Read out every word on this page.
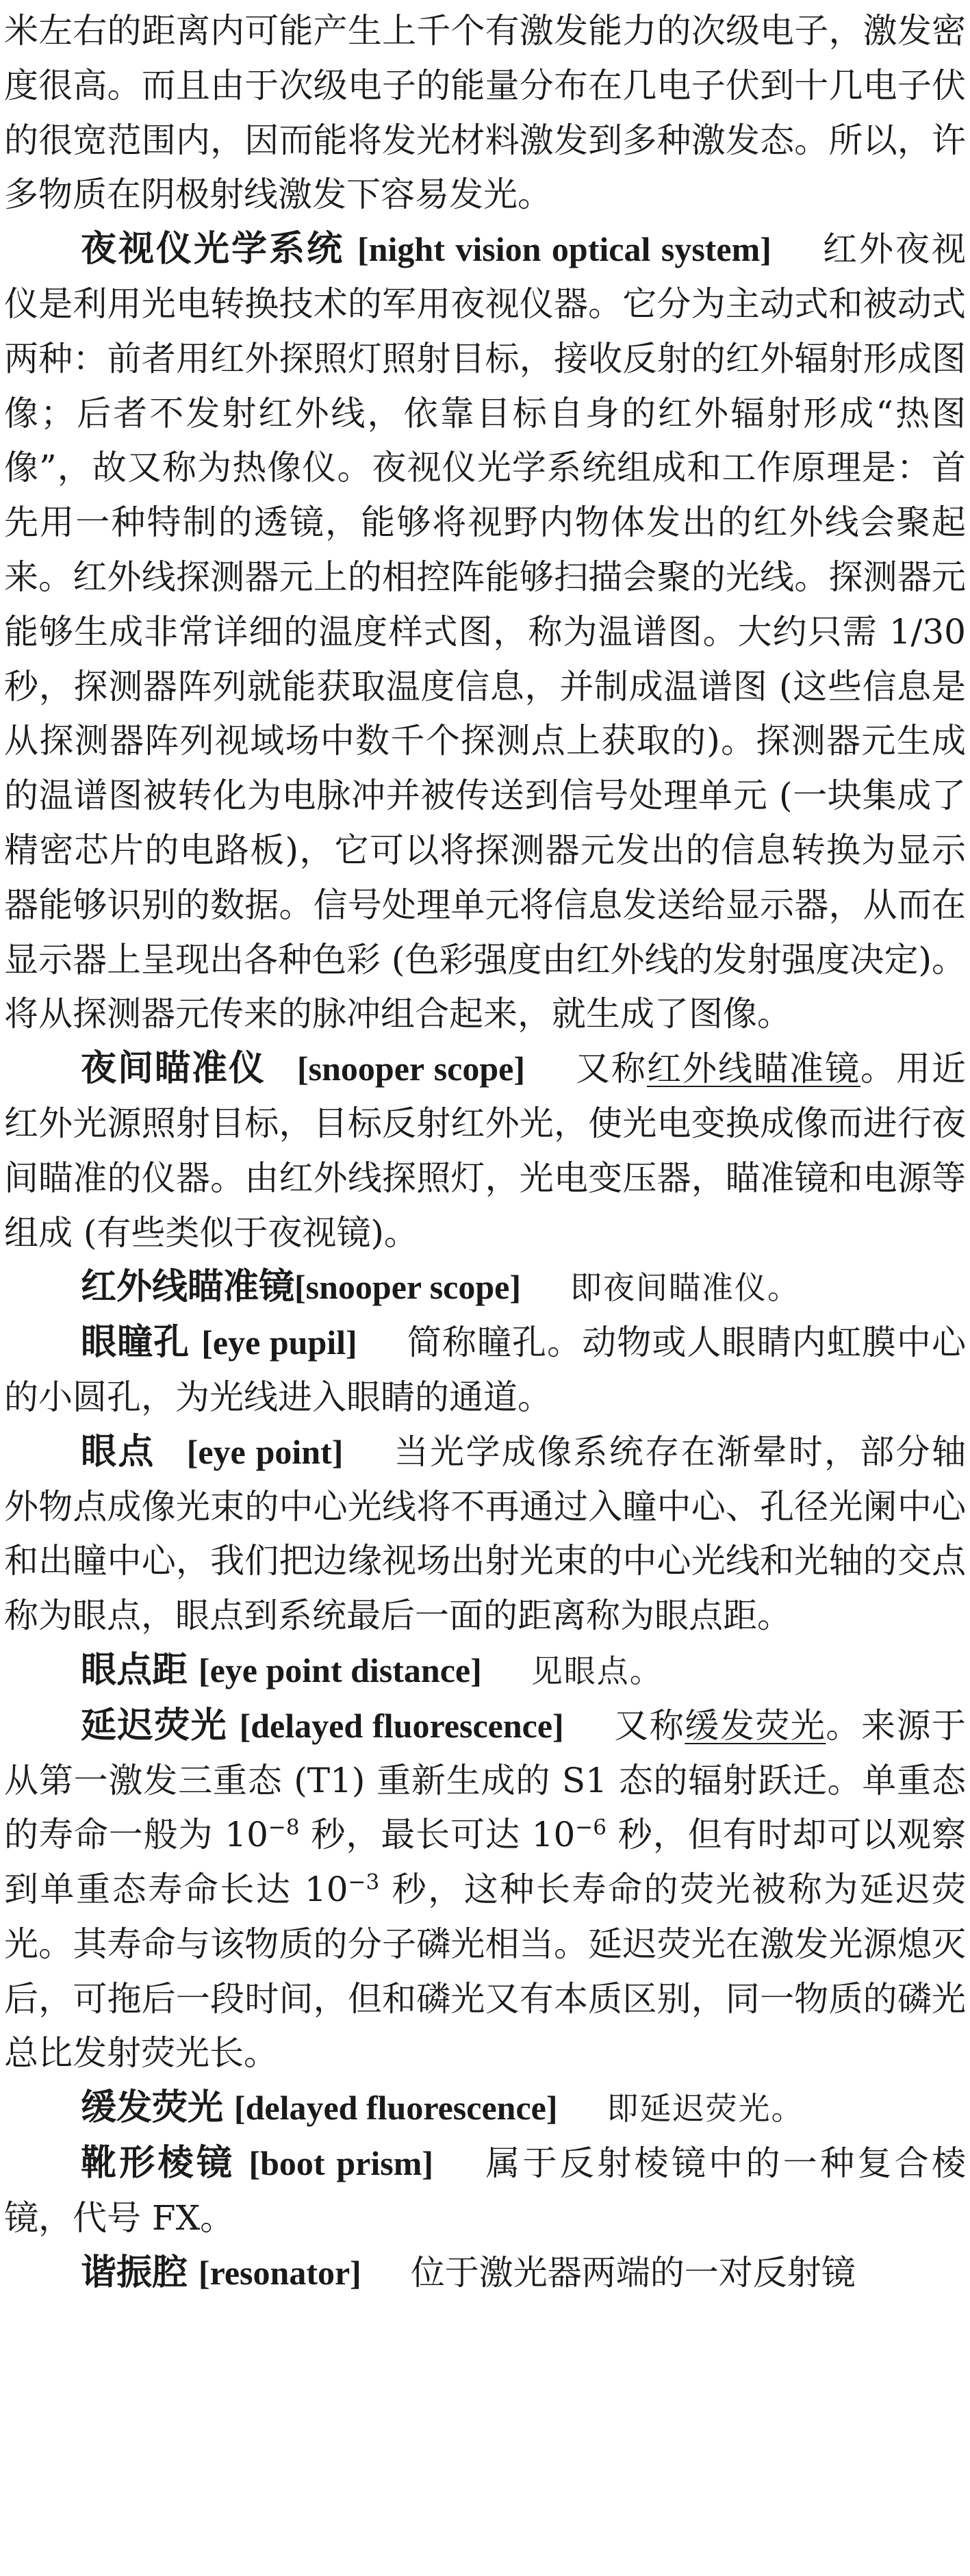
米左右的距离内可能产生上千个有激发能力的次级电子，激发密度很高。而且由于次级电子的能量分布在几电子伏到十几电子伏的很宽范围内，因而能将发光材料激发到多种激发态。所以，许多物质在阴极射线激发下容易发光。

夜视仪光学系统 [night vision optical system] 红外夜视仪是利用光电转换技术的军用夜视仪器。它分为主动式和被动式两种：前者用红外探照灯照射目标，接收反射的红外辐射形成图像；后者不发射红外线，依靠目标自身的红外辐射形成“热图像”，故又称为热像仪。夜视仪光学系统组成和工作原理是：首先用一种特制的透镜，能够将视野内物体发出的红外线会聚起来。红外线探测器元上的相控阵能够扫描会聚的光线。探测器元能够生成非常详细的温度样式图，称为温谱图。大约只需 1/30 秒，探测器阵列就能获取温度信息，并制成温谱图 (这些信息是从探测器阵列视域场中数千个探测点上获取的)。探测器元生成的温谱图被转化为电脉冲并被传送到信号处理单元 (一块集成了精密芯片的电路板)，它可以将探测器元发出的信息转换为显示器能够识别的数据。信号处理单元将信息发送给显示器，从而在显示器上呈现出各种色彩 (色彩强度由红外线的发射强度决定)。将从探测器元传来的脉冲组合起来，就生成了图像。

夜间瞄准仪 [snooper scope] 又称红外线瞄准镜。用近红外光源照射目标，目标反射红外光，使光电变换成像而进行夜间瞄准的仪器。由红外线探照灯，光电变压器，瞄准镜和电源等组成 (有些类似于夜视镜)。

红外线瞄准镜[snooper scope] 即夜间瞄准仪。

眼瞳孔 [eye pupil] 简称瞳孔。动物或人眼睛内虹膜中心的小圆孔，为光线进入眼睛的通道。

眼点 [eye point] 当光学成像系统存在渐晕时，部分轴外物点成像光束的中心光线将不再通过入瞳中心、孔径光阑中心和出瞳中心，我们把边缘视场出射光束的中心光线和光轴的交点称为眼点，眼点到系统最后一面的距离称为眼点距。

眼点距 [eye point distance] 见眼点。

延迟荧光 [delayed fluorescence] 又称缓发荧光。来源于从第一激发三重态 (T1) 重新生成的 S1 态的辐射跃迁。单重态的寿命一般为 $10^{-8}$ 秒，最长可达 $10^{-6}$ 秒，但有时却可以观察到单重态寿命长达 $10^{-3}$ 秒，这种长寿命的荧光被称为延迟荧光。其寿命与该物质的分子磷光相当。延迟荧光在激发光源熄灭后，可拖后一段时间，但和磷光又有本质区别，同一物质的磷光总比发射荧光长。

缓发荧光 [delayed fluorescence] 即延迟荧光。

靴形棱镜 [boot prism] 属于反射棱镜中的一种复合棱镜，代号 FX。

谐振腔 [resonator] 位于激光器两端的一对反射镜
